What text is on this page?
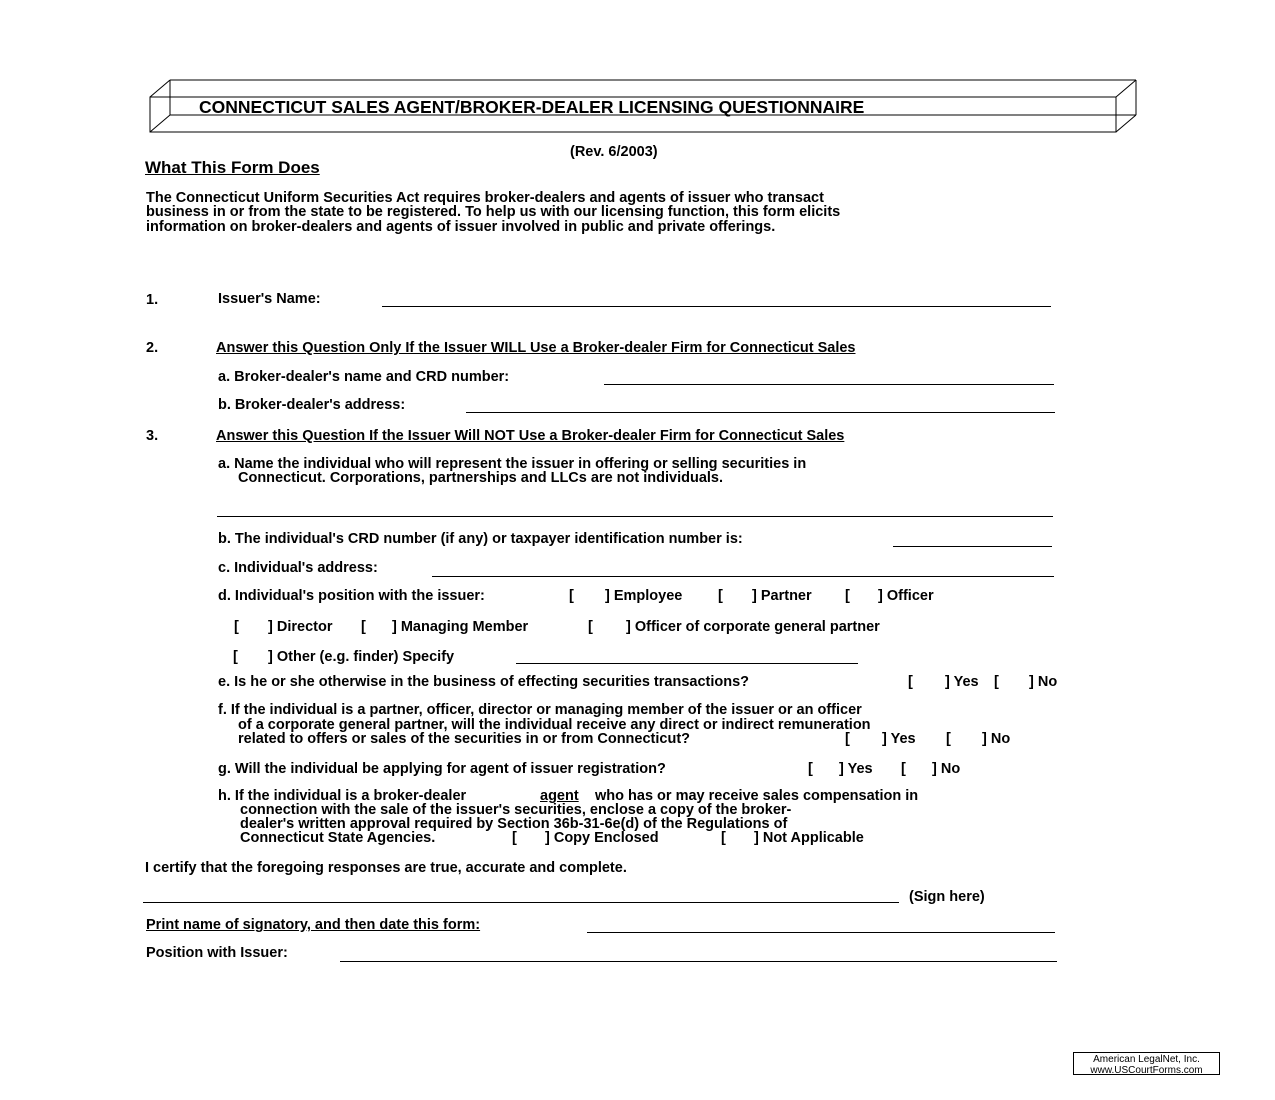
CONNECTICUT SALES AGENT/BROKER-DEALER LICENSING QUESTIONNAIRE
(Rev. 6/2003)
What This Form Does
The Connecticut Uniform Securities Act requires broker-dealers and agents of issuer who transact
business in or from the state to be registered. To help us with our licensing function, this form elicits
information on broker-dealers and agents of issuer involved in public and private offerings.
1.	Issuer's Name:
2.	Answer this Question Only If the Issuer WILL Use a Broker-dealer Firm for Connecticut Sales
a. Broker-dealer's name and CRD number:
b. Broker-dealer's address:
3.	Answer this Question If the Issuer Will NOT Use a Broker-dealer Firm for Connecticut Sales
a. Name the individual who will represent the issuer in offering or selling securities in
Connecticut. Corporations, partnerships and LLCs are not individuals.
b. The individual's CRD number (if any) or taxpayer identification number is:
c. Individual's address:
d. Individual's position with the issuer:	[ ] Employee [ ] Partner [ ] Officer
[ ] Director [ ] Managing Member	[ ] Officer of corporate general partner
[ ] Other (e.g. finder) Specify
e. Is he or she otherwise in the business of effecting securities transactions?	[ ] Yes [ ] No
f. If the individual is a partner, officer, director or managing member of the issuer or an officer
of a corporate general partner, will the individual receive any direct or indirect remuneration
related to offers or sales of the securities in or from Connecticut?	[ ] Yes [ ] No
g. Will the individual be applying for agent of issuer registration?	[ ] Yes [ ] No
h. If the individual is a broker-dealer	agent who has or may receive sales compensation in
connection with the sale of the issuer's securities, enclose a copy of the broker-
dealer's written approval required by Section 36b-31-6e(d) of the Regulations of
Connecticut State Agencies.	[ ] Copy Enclosed	[ ] Not Applicable
I certify that the foregoing responses are true, accurate and complete.
(Sign here)
Print name of signatory, and then date this form:
Position with Issuer:
American LegalNet, Inc.
www.USCourtForms.com
